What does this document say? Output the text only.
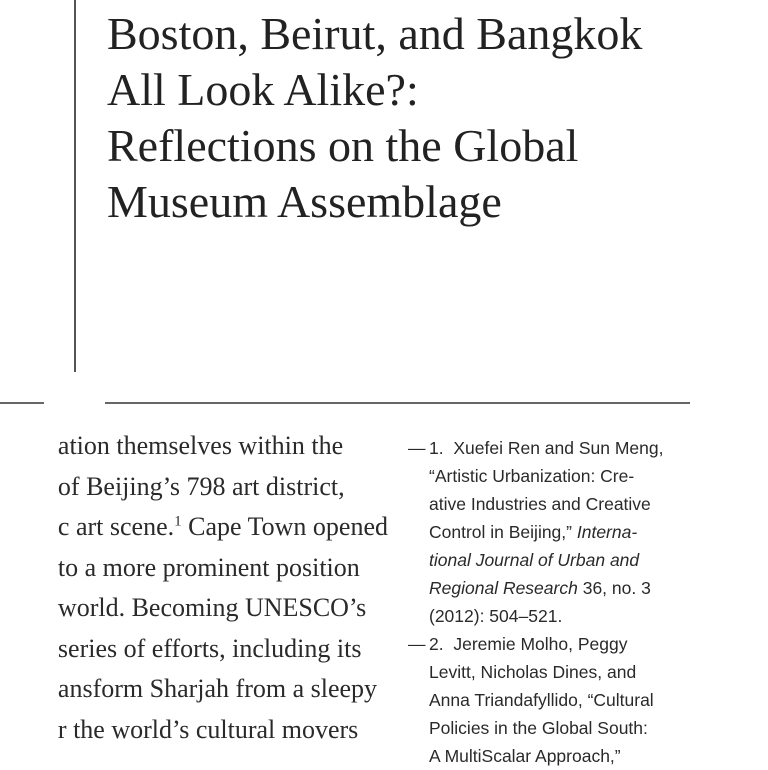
Boston, Beirut, and Bangkok
All Look Alike?:
Reflections on the Global
Museum Assemblage
ation themselves within the
of Beijing’s 798 art district,
c art scene.$^1$ Cape Town opened
to a more prominent position
world. Becoming UNESCO’s
series of efforts, including its
ansform Sharjah from a sleepy
r the world’s cultural movers
— 1. Xuefei Ren and Sun Meng,
“Artistic Urbanization: Cre-
ative Industries and Creative
Control in Beijing,” Interna-
tional Journal of Urban and
Regional Research 36, no. 3
(2012): 504–521.
— 2. Jeremie Molho, Peggy
Levitt, Nicholas Dines, and
Anna Triandafyllido, “Cultural
Policies in the Global South:
A MultiScalar Approach,”
